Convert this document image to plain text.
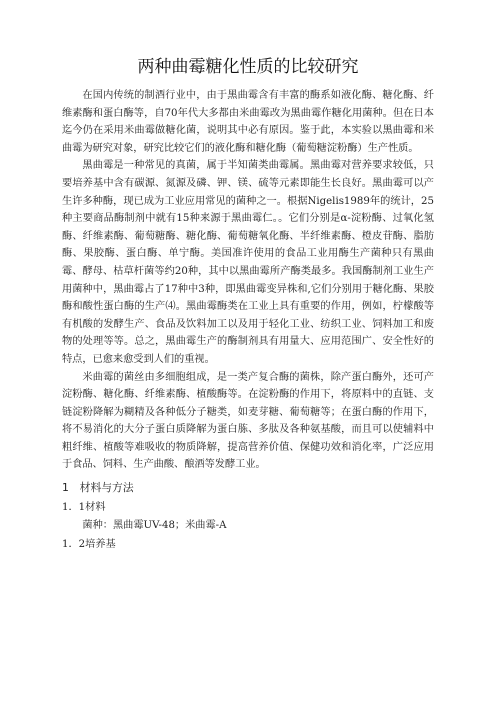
两种曲霉糖化性质的比较研究

在国内传统的制酒行业中，由于黑曲霉含有丰富的酶系如液化酶、糖化酶、纤维素酶和蛋白酶等，自70年代大多都由米曲霉改为黑曲霉作糖化用菌种。但在日本迄今仍在采用米曲霉做糖化菌，说明其中必有原因。鉴于此，本实验以黑曲霉和米曲霉为研究对象，研究比较它们的液化酶和糖化酶（葡萄糖淀粉酶）生产性质。

黑曲霉是一种常见的真菌，属于半知菌类曲霉属。黑曲霉对营养要求较低，只要培养基中含有碳源、氮源及磷、钾、镁、硫等元素即能生长良好。黑曲霉可以产生许多种酶，现已成为工业应用常见的菌种之一。根据Nigelis1989年的统计，25种主要商品酶制剂中就有15种来源于黑曲霉仁。。它们分别是α-淀粉酶、过氧化氢酶、纤维素酶、葡萄糖酶、糖化酶、葡萄糖氧化酶、半纤维素酶、橙皮苷酶、脂肪酶、果胶酶、蛋白酶、单宁酶。美国准许使用的食品工业用酶生产菌种只有黑曲霉、酵母、枯草杆菌等约20种，其中以黑曲霉所产酶类最多。我国酶制剂工业生产用菌种中，黑曲霉占了17种中3种，即黑曲霉变异株和,它们分别用于糖化酶、果胶酶和酸性蛋白酶的生产⑷。黑曲霉酶类在工业上具有重要的作用，例如，柠檬酸等有机酸的发酵生产、食品及饮料加工以及用于轻化工业、纺织工业、饲料加工和废物的处理等等。总之，黑曲霉生产的酶制剂具有用量大、应用范围广、安全性好的特点，已愈来愈受到人们的重视。

米曲霉的菌丝由多细胞组成，是一类产复合酶的菌株，除产蛋白酶外，还可产淀粉酶、糖化酶、纤维素酶、植酸酶等。在淀粉酶的作用下，将原料中的直链、支链淀粉降解为糊精及各种低分子糖类，如麦芽糖、葡萄糖等；在蛋白酶的作用下，将不易消化的大分子蛋白质降解为蛋白胨、多肽及各种氨基酸，而且可以使辅料中粗纤维、植酸等难吸收的物质降解，提高营养价值、保健功效和消化率，广泛应用于食品、饲料、生产曲酸、酿酒等发酵工业。

1　材料与方法
1．1材料
菌种：黑曲霉UV-48；米曲霉-A
1．2培养基
